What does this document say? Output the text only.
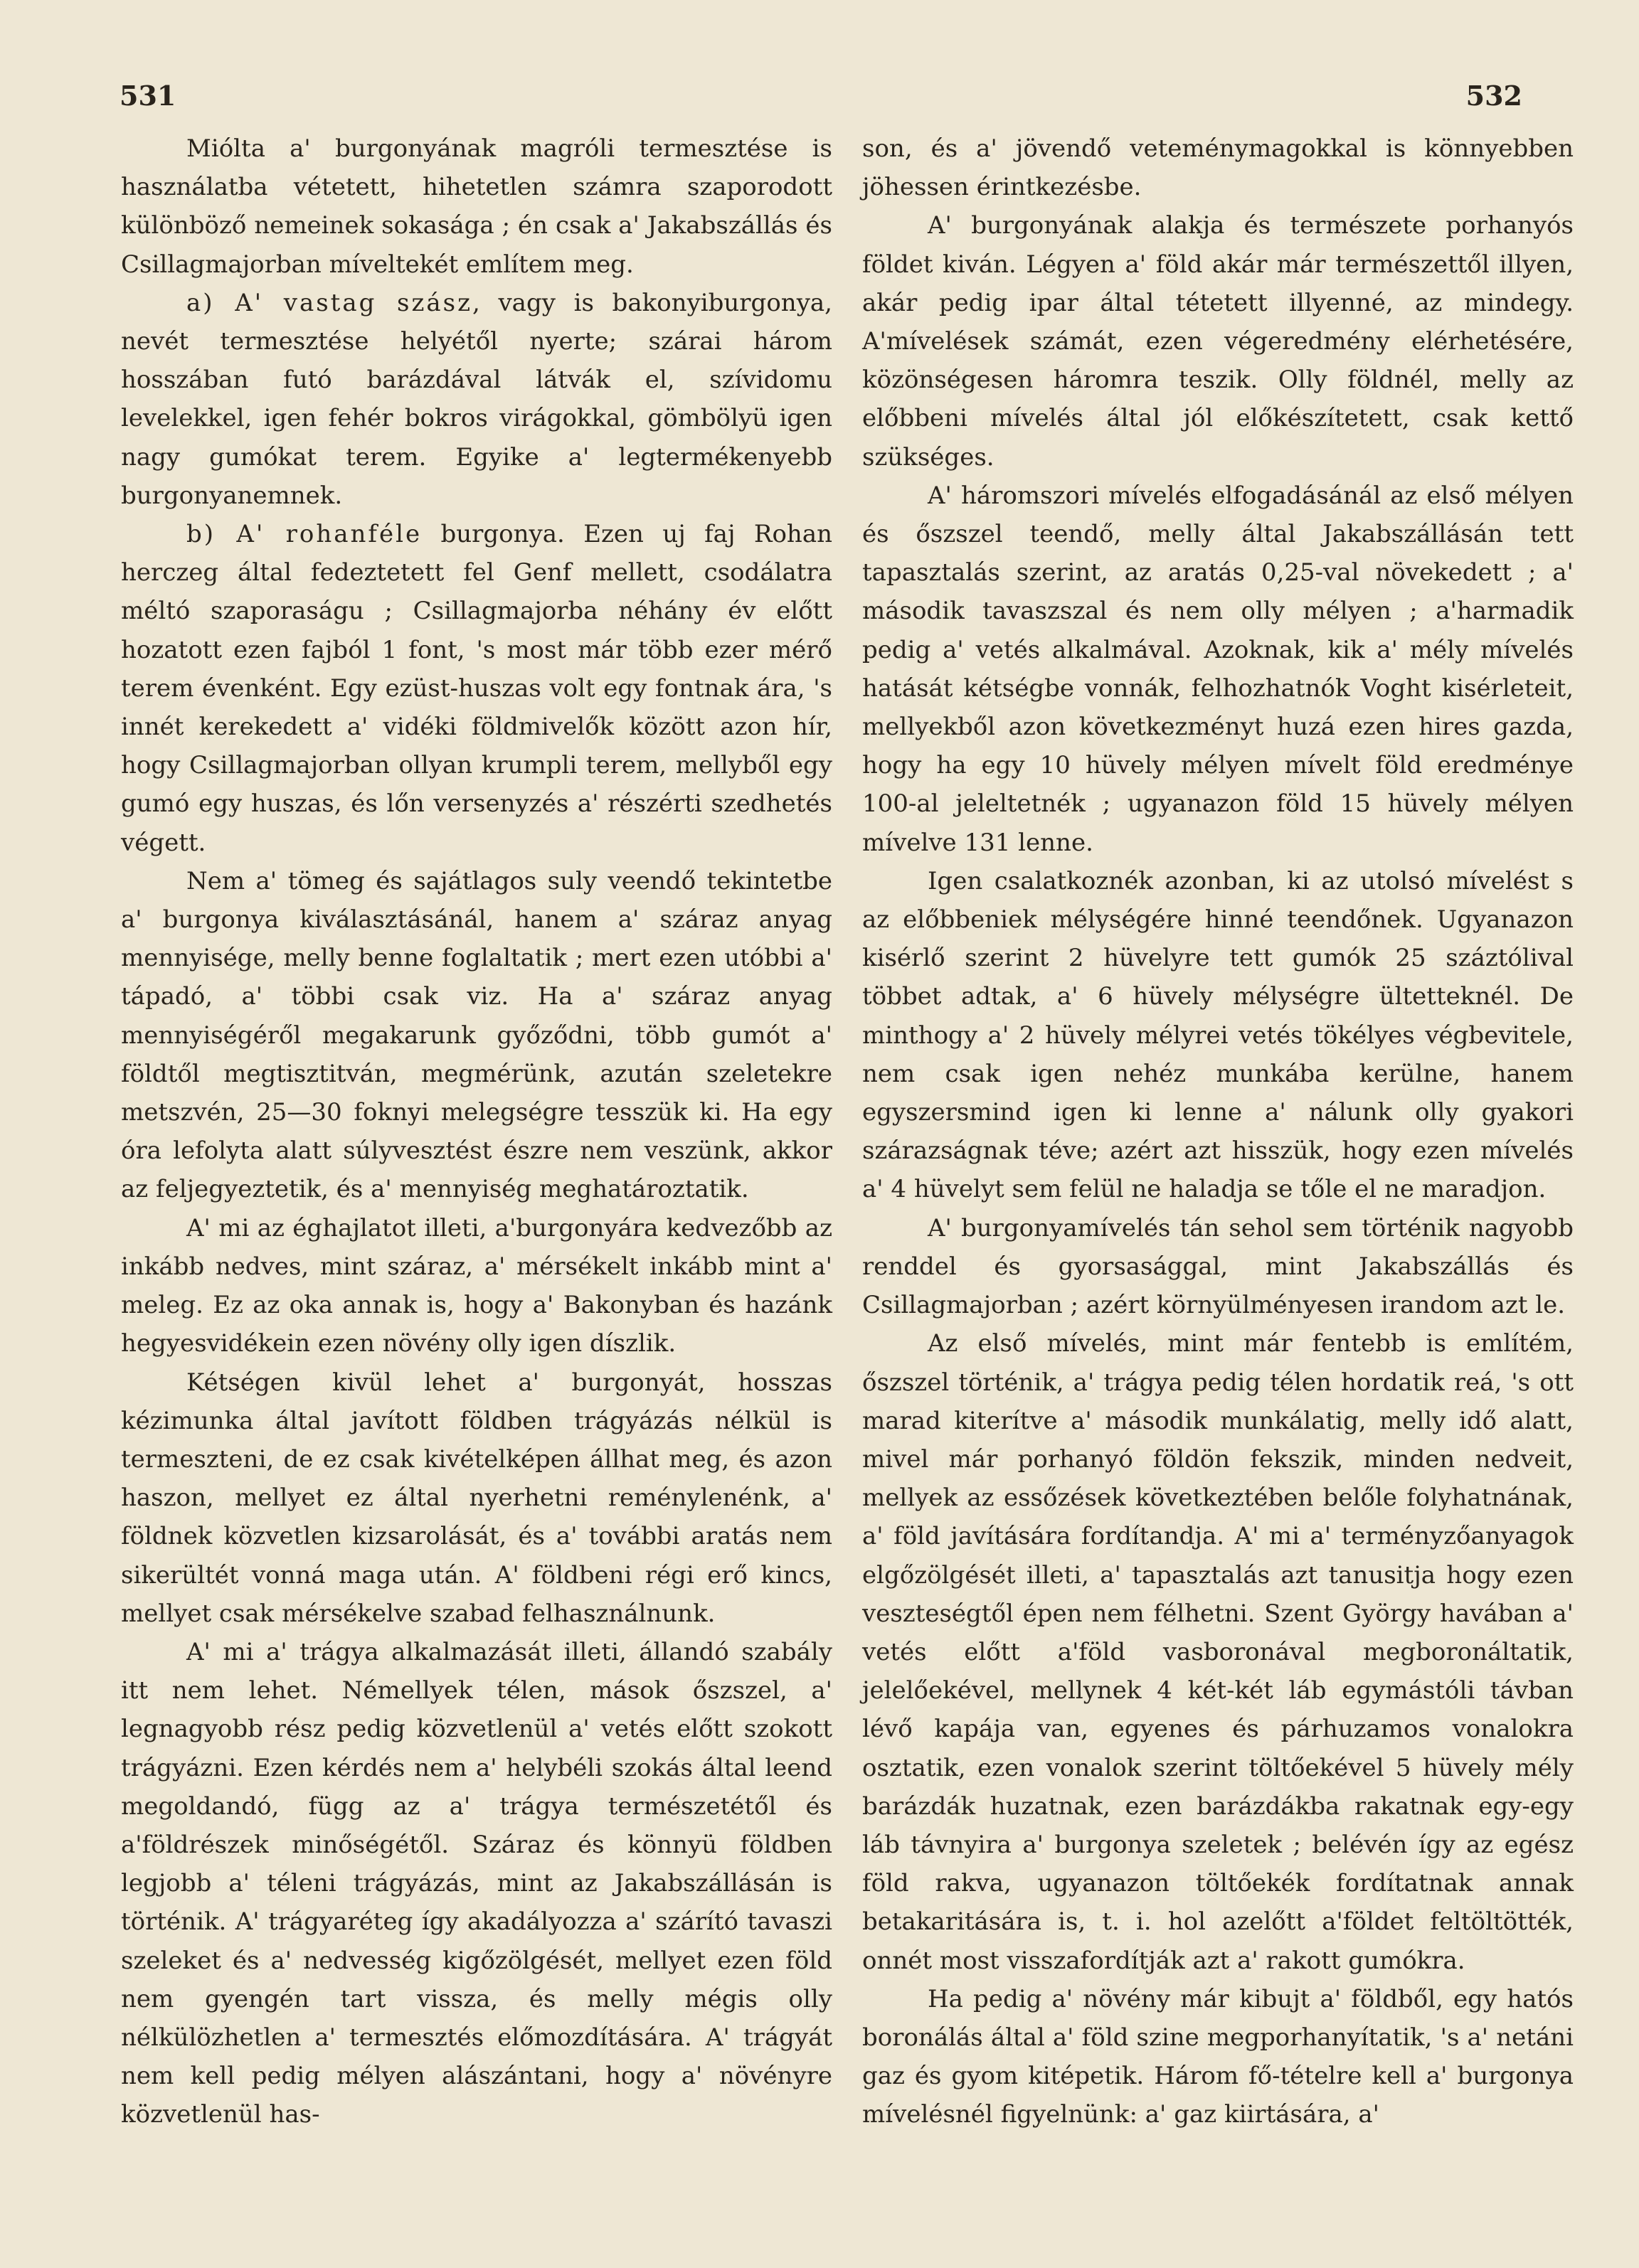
531	532

Miólta a' burgonyának magróli termesztése is használatba vétetett, hihetetlen számra szaporodott különböző nemeinek sokasága ; én csak a' Jakabszállás és Csillagmajorban míveltekét említem meg.

a) A' vastag szász, vagy is bakonyiburgonya, nevét termesztése helyétől nyerte; szárai három hosszában futó barázdával látvák el, szívidomu levelekkel, igen fehér bokros virágokkal, gömbölyü igen nagy gumókat terem. Egyike a' legtermékenyebb burgonyanemnek.

b) A' rohanféle burgonya. Ezen uj faj Rohan herczeg által fedeztetett fel Genf mellett, csodálatra méltó szaporaságu ; Csillagmajorba néhány év előtt hozatott ezen fajból 1 font, 's most már több ezer mérő terem évenként. Egy ezüst-huszas volt egy fontnak ára, 's innét kerekedett a' vidéki földmivelők között azon hír, hogy Csillagmajorban ollyan krumpli terem, mellyből egy gumó egy huszas, és lőn versenyzés a' részérti szedhetés végett.

Nem a' tömeg és sajátlagos suly veendő tekintetbe a' burgonya kiválasztásánál, hanem a' száraz anyag mennyisége, melly benne foglaltatik ; mert ezen utóbbi a' tápadó, a' többi csak viz. Ha a' száraz anyag mennyiségéről megakarunk győződni, több gumót a' földtől megtisztitván, megmérünk, azután szeletekre metszvén, 25—30 foknyi melegségre tesszük ki. Ha egy óra lefolyta alatt súlyvesztést észre nem veszünk, akkor az feljegyeztetik, és a' mennyiség meghatároztatik.

A' mi az éghajlatot illeti, a'burgonyára kedvezőbb az inkább nedves, mint száraz, a' mérsékelt inkább mint a' meleg. Ez az oka annak is, hogy a' Bakonyban és hazánk hegyesvidékein ezen növény olly igen díszlik.

Kétségen kivül lehet a' burgonyát, hosszas kézimunka által javított földben trágyázás nélkül is termeszteni, de ez csak kivételképen állhat meg, és azon haszon, mellyet ez által nyerhetni reménylenénk, a' földnek közvetlen kizsarolását, és a' további aratás nem sikerültét vonná maga után. A' földbeni régi erő kincs, mellyet csak mérsékelve szabad felhasználnunk.

A' mi a' trágya alkalmazását illeti, állandó szabály itt nem lehet. Némellyek télen, mások őszszel, a' legnagyobb rész pedig közvetlenül a' vetés előtt szokott trágyázni. Ezen kérdés nem a' helybéli szokás által leend megoldandó, függ az a' trágya természetétől és a'földrészek minőségétől. Száraz és könnyü földben legjobb a' téleni trágyázás, mint az Jakabszállásán is történik. A' trágyaréteg így akadályozza a' szárító tavaszi szeleket és a' nedvesség kigőzölgését, mellyet ezen föld nem gyengén tart vissza, és melly mégis olly nélkülözhetlen a' termesztés előmozdítására. A' trágyát nem kell pedig mélyen alászántani, hogy a' növényre közvetlenül has-

son, és a' jövendő veteménymagokkal is könnyebben jöhessen érintkezésbe.

A' burgonyának alakja és természete porhanyós földet kiván. Légyen a' föld akár már természettől illyen, akár pedig ipar által tétetett illyenné, az mindegy. A'mívelések számát, ezen végeredmény elérhetésére, közönségesen háromra teszik. Olly földnél, melly az előbbeni mívelés által jól előkészítetett, csak kettő szükséges.

A' háromszori mívelés elfogadásánál az első mélyen és őszszel teendő, melly által Jakabszállásán tett tapasztalás szerint, az aratás 0,25-val növekedett ; a' második tavaszszal és nem olly mélyen ; a'harmadik pedig a' vetés alkalmával. Azoknak, kik a' mély mívelés hatását kétségbe vonnák, felhozhatnók Voght kisérleteit, mellyekből azon következményt huzá ezen hires gazda, hogy ha egy 10 hüvely mélyen mívelt föld eredménye 100-al jeleltetnék ; ugyanazon föld 15 hüvely mélyen mívelve 131 lenne.

Igen csalatkoznék azonban, ki az utolsó mívelést s az előbbeniek mélységére hinné teendőnek. Ugyanazon kisérlő szerint 2 hüvelyre tett gumók 25 száztólival többet adtak, a' 6 hüvely mélységre ültetteknél. De minthogy a' 2 hüvely mélyrei vetés tökélyes végbevitele, nem csak igen nehéz munkába kerülne, hanem egyszersmind igen ki lenne a' nálunk olly gyakori szárazságnak téve; azért azt hisszük, hogy ezen mívelés a' 4 hüvelyt sem felül ne haladja se tőle el ne maradjon.

A' burgonyamívelés tán sehol sem történik nagyobb renddel és gyorsasággal, mint Jakabszállás és Csillagmajorban ; azért környülményesen irandom azt le.

Az első mívelés, mint már fentebb is említém, őszszel történik, a' trágya pedig télen hordatik reá, 's ott marad kiterítve a' második munkálatig, melly idő alatt, mivel már porhanyó földön fekszik, minden nedveit, mellyek az essőzések következtében belőle folyhatnának, a' föld javítására fordítandja. A' mi a' terményzőanyagok elgőzölgését illeti, a' tapasztalás azt tanusitja hogy ezen veszteségtől épen nem félhetni. Szent György havában a' vetés előtt a'föld vasboronával megboronáltatik, jelelőekével, mellynek 4 két-két láb egymástóli távban lévő kapája van, egyenes és párhuzamos vonalokra osztatik, ezen vonalok szerint töltőekével 5 hüvely mély barázdák huzatnak, ezen barázdákba rakatnak egy-egy láb távnyira a' burgonya szeletek ; belévén így az egész föld rakva, ugyanazon töltőekék fordítatnak annak betakaritására is, t. i. hol azelőtt a'földet feltöltötték, onnét most visszafordítják azt a' rakott gumókra.

Ha pedig a' növény már kibujt a' földből, egy hatós boronálás által a' föld szine megporhanyítatik, 's a' netáni gaz és gyom kitépetik. Három fő-tételre kell a' burgonya mívelésnél figyelnünk: a' gaz kiirtására, a'
